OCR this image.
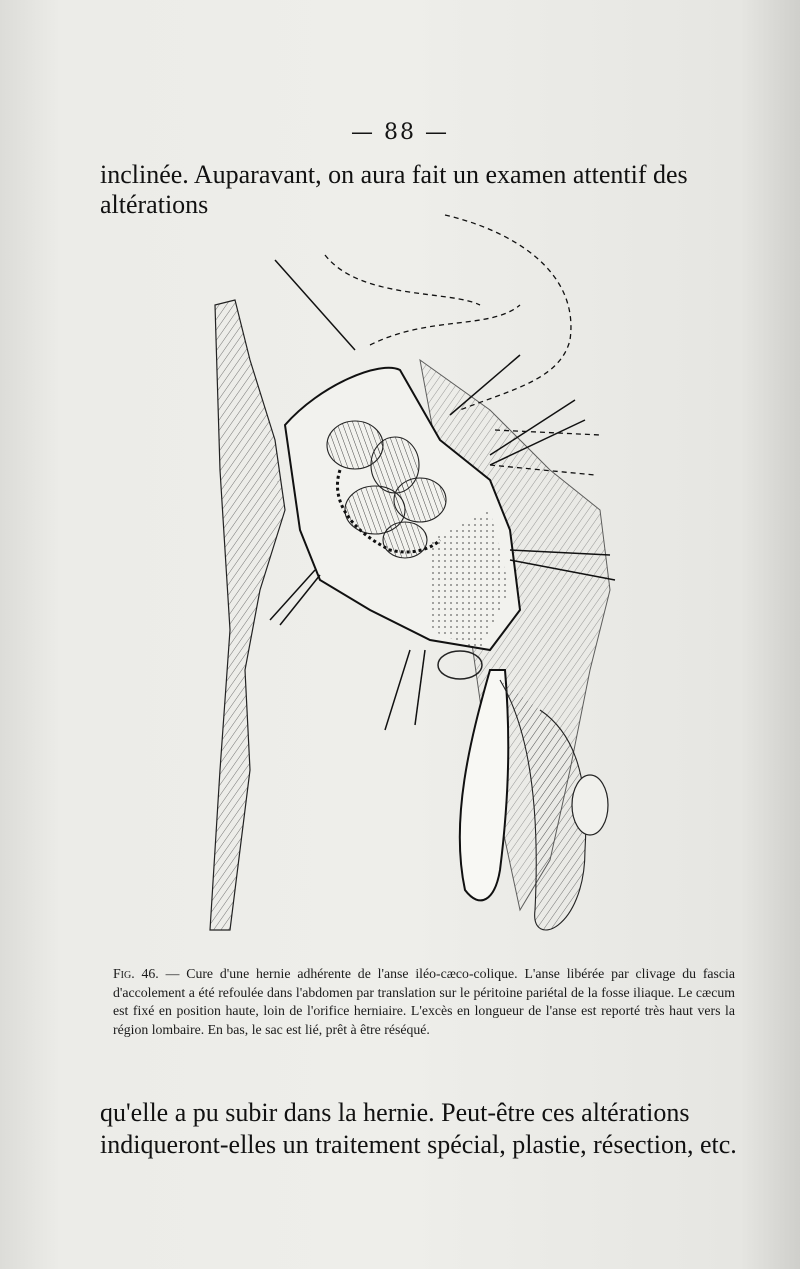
— 88 —
inclinée. Auparavant, on aura fait un examen attentif des altérations
Fig. 46. — Cure d'une hernie adhérente de l'anse iléo-cæco-colique. L'anse libérée par clivage du fascia d'accolement a été refoulée dans l'abdomen par translation sur le péritoine pariétal de la fosse iliaque. Le cæcum est fixé en position haute, loin de l'orifice herniaire. L'excès en longueur de l'anse est reporté très haut vers la région lombaire. En bas, le sac est lié, prêt à être réséqué.
qu'elle a pu subir dans la hernie. Peut-être ces altérations indiqueront-elles un traitement spécial, plastie, résection, etc.
